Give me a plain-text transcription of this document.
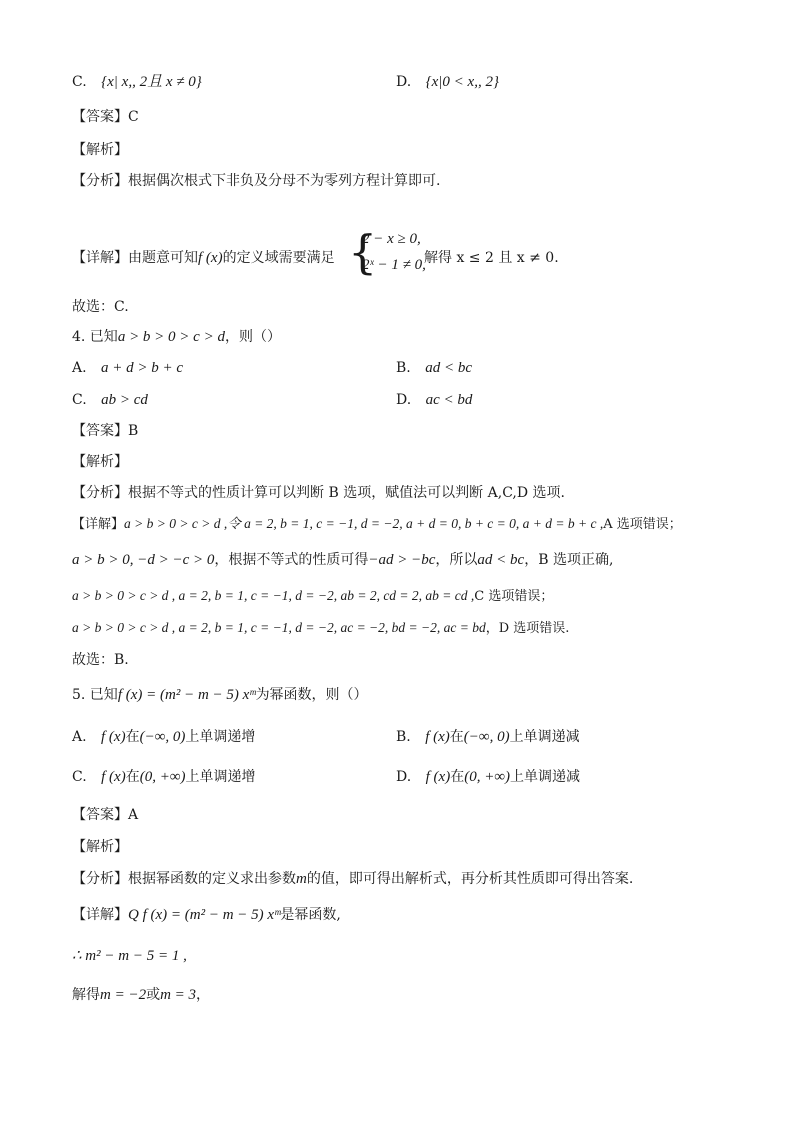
C. {x| x,, 2且 x ≠ 0}	D. {x|0 < x,, 2}
【答案】C
【解析】
【分析】根据偶次根式下非负及分母不为零列方程计算即可.
【详解】由题意可知f (x)的定义域需要满足 {
2 − x ≥ 0,
2ˣ − 1 ≠ 0,
解得 x ≤ 2 且 x ≠ 0.
故选：C.
4. 已知a > b > 0 > c > d，则（）
A. a + d > b + c	B. ad < bc
C. ab > cd	D. ac < bd
【答案】B
【解析】
【分析】根据不等式的性质计算可以判断 B 选项，赋值法可以判断 A,C,D 选项.
【详解】a > b > 0 > c > d ,令 a = 2, b = 1, c = −1, d = −2, a + d = 0, b + c = 0, a + d = b + c ,A 选项错误；
a > b > 0, −d > −c > 0，根据不等式的性质可得−ad > −bc，所以ad < bc，B 选项正确,
a > b > 0 > c > d , a = 2, b = 1, c = −1, d = −2, ab = 2, cd = 2, ab = cd ,C 选项错误；
a > b > 0 > c > d , a = 2, b = 1, c = −1, d = −2, ac = −2, bd = −2, ac = bd，D 选项错误.
故选：B.
5. 已知f (x) = (m² − m − 5) xᵐ为幂函数，则（）
A. f (x)在(−∞, 0)上单调递增	B. f (x)在(−∞, 0)上单调递减
C. f (x)在(0, +∞)上单调递增	D. f (x)在(0, +∞)上单调递减
【答案】A
【解析】
【分析】根据幂函数的定义求出参数m的值，即可得出解析式，再分析其性质即可得出答案.
【详解】Q f (x) = (m² − m − 5) xᵐ是幂函数,
∴ m² − m − 5 = 1 ,
解得m = −2或m = 3，
